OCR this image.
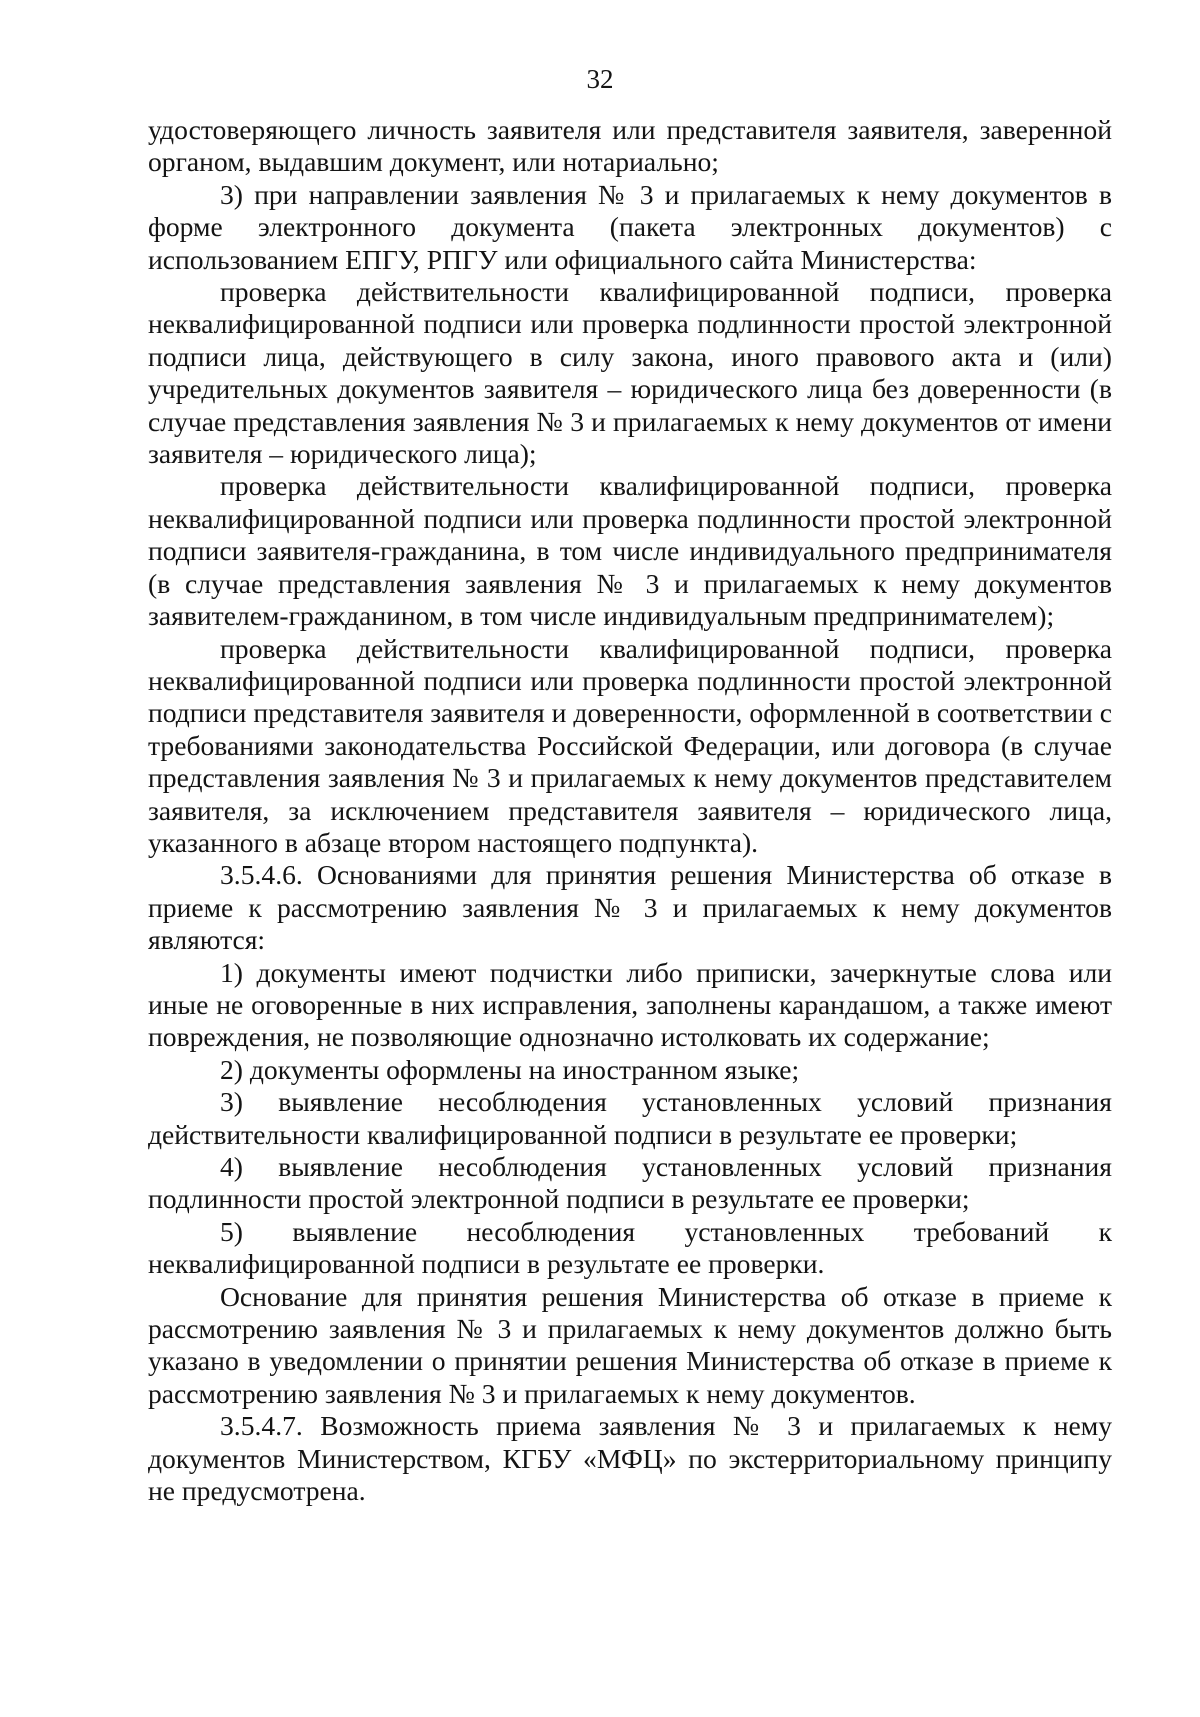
32

удостоверяющего личность заявителя или представителя заявителя, заверенной органом, выдавшим документ, или нотариально;

3) при направлении заявления № 3 и прилагаемых к нему документов в форме электронного документа (пакета электронных документов) с использованием ЕПГУ, РПГУ или официального сайта Министерства:

проверка действительности квалифицированной подписи, проверка неквалифицированной подписи или проверка подлинности простой электронной подписи лица, действующего в силу закона, иного правового акта и (или) учредительных документов заявителя – юридического лица без доверенности (в случае представления заявления № 3 и прилагаемых к нему документов от имени заявителя – юридического лица);

проверка действительности квалифицированной подписи, проверка неквалифицированной подписи или проверка подлинности простой электронной подписи заявителя-гражданина, в том числе индивидуального предпринимателя (в случае представления заявления № 3 и прилагаемых к нему документов заявителем-гражданином, в том числе индивидуальным предпринимателем);

проверка действительности квалифицированной подписи, проверка неквалифицированной подписи или проверка подлинности простой электронной подписи представителя заявителя и доверенности, оформленной в соответствии с требованиями законодательства Российской Федерации, или договора (в случае представления заявления № 3 и прилагаемых к нему документов представителем заявителя, за исключением представителя заявителя – юридического лица, указанного в абзаце втором настоящего подпункта).

3.5.4.6. Основаниями для принятия решения Министерства об отказе в приеме к рассмотрению заявления № 3 и прилагаемых к нему документов являются:

1) документы имеют подчистки либо приписки, зачеркнутые слова или иные не оговоренные в них исправления, заполнены карандашом, а также имеют повреждения, не позволяющие однозначно истолковать их содержание;

2) документы оформлены на иностранном языке;

3) выявление несоблюдения установленных условий признания действительности квалифицированной подписи в результате ее проверки;

4) выявление несоблюдения установленных условий признания подлинности простой электронной подписи в результате ее проверки;

5) выявление несоблюдения установленных требований к неквалифицированной подписи в результате ее проверки.

Основание для принятия решения Министерства об отказе в приеме к рассмотрению заявления № 3 и прилагаемых к нему документов должно быть указано в уведомлении о принятии решения Министерства об отказе в приеме к рассмотрению заявления № 3 и прилагаемых к нему документов.

3.5.4.7. Возможность приема заявления № 3 и прилагаемых к нему документов Министерством, КГБУ «МФЦ» по экстерриториальному принципу не предусмотрена.
